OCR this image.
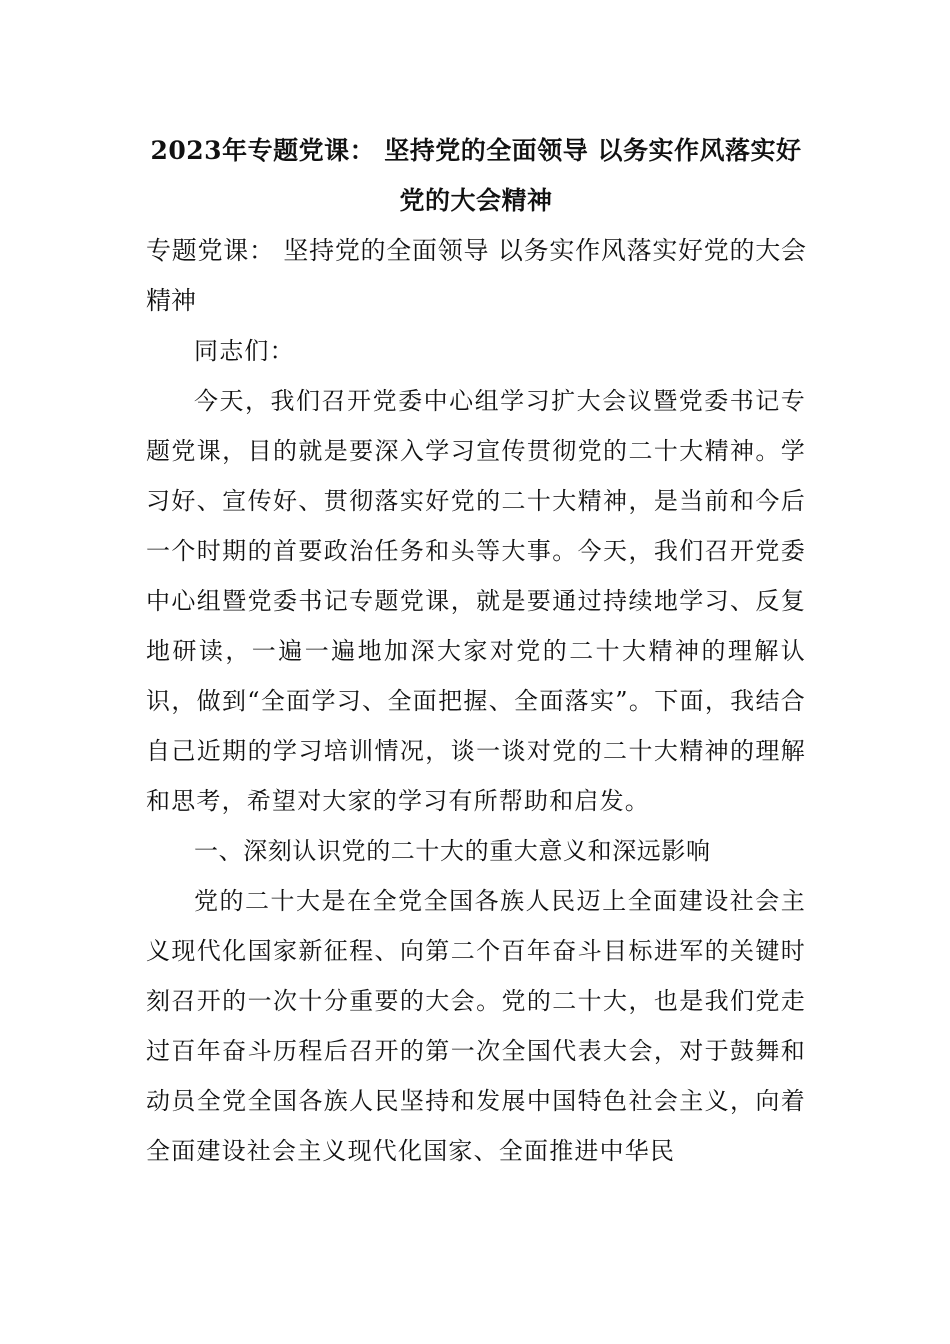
2023年专题党课： 坚持党的全面领导 以务实作风落实好
党的大会精神

专题党课： 坚持党的全面领导 以务实作风落实好党的大会精神

同志们：

今天，我们召开党委中心组学习扩大会议暨党委书记专题党课，目的就是要深入学习宣传贯彻党的二十大精神。学习好、宣传好、贯彻落实好党的二十大精神，是当前和今后一个时期的首要政治任务和头等大事。今天，我们召开党委中心组暨党委书记专题党课，就是要通过持续地学习、反复地研读，一遍一遍地加深大家对党的二十大精神的理解认识，做到“全面学习、全面把握、全面落实”。下面，我结合自己近期的学习培训情况，谈一谈对党的二十大精神的理解和思考，希望对大家的学习有所帮助和启发。

一、深刻认识党的二十大的重大意义和深远影响

党的二十大是在全党全国各族人民迈上全面建设社会主义现代化国家新征程、向第二个百年奋斗目标进军的关键时刻召开的一次十分重要的大会。党的二十大，也是我们党走过百年奋斗历程后召开的第一次全国代表大会，对于鼓舞和动员全党全国各族人民坚持和发展中国特色社会主义，向着全面建设社会主义现代化国家、全面推进中华民
